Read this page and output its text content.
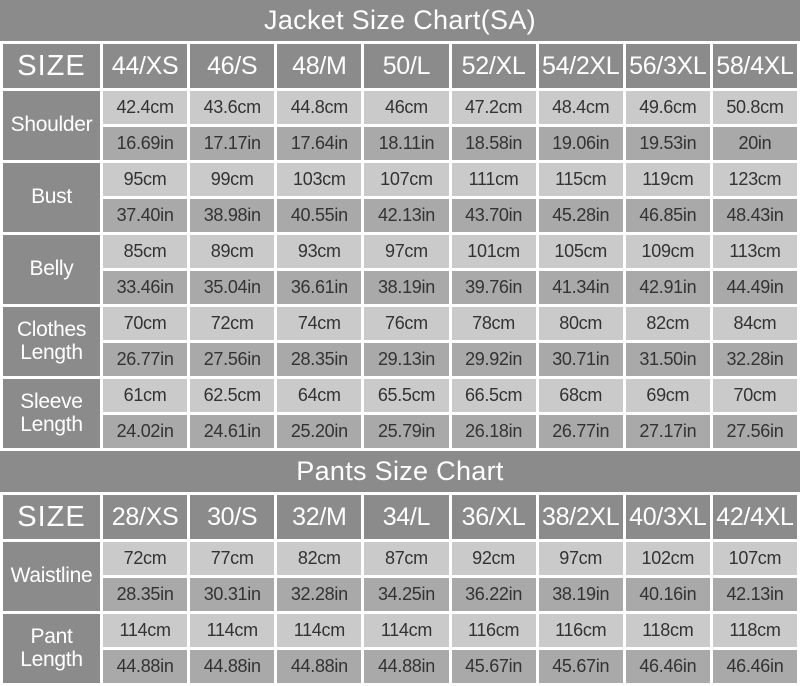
Jacket Size Chart(SA)
SIZE	44/XS	46/S	48/M	50/L	52/XL	54/2XL	56/3XL	58/4XL
Shoulder	42.4cm	43.6cm	44.8cm	46cm	47.2cm	48.4cm	49.6cm	50.8cm
	16.69in	17.17in	17.64in	18.11in	18.58in	19.06in	19.53in	20in
Bust	95cm	99cm	103cm	107cm	111cm	115cm	119cm	123cm
	37.40in	38.98in	40.55in	42.13in	43.70in	45.28in	46.85in	48.43in
Belly	85cm	89cm	93cm	97cm	101cm	105cm	109cm	113cm
	33.46in	35.04in	36.61in	38.19in	39.76in	41.34in	42.91in	44.49in
Clothes Length	70cm	72cm	74cm	76cm	78cm	80cm	82cm	84cm
	26.77in	27.56in	28.35in	29.13in	29.92in	30.71in	31.50in	32.28in
Sleeve Length	61cm	62.5cm	64cm	65.5cm	66.5cm	68cm	69cm	70cm
	24.02in	24.61in	25.20in	25.79in	26.18in	26.77in	27.17in	27.56in
Pants Size Chart
SIZE	28/XS	30/S	32/M	34/L	36/XL	38/2XL	40/3XL	42/4XL
Waistline	72cm	77cm	82cm	87cm	92cm	97cm	102cm	107cm
	28.35in	30.31in	32.28in	34.25in	36.22in	38.19in	40.16in	42.13in
Pant Length	114cm	114cm	114cm	114cm	116cm	116cm	118cm	118cm
	44.88in	44.88in	44.88in	44.88in	45.67in	45.67in	46.46in	46.46in
